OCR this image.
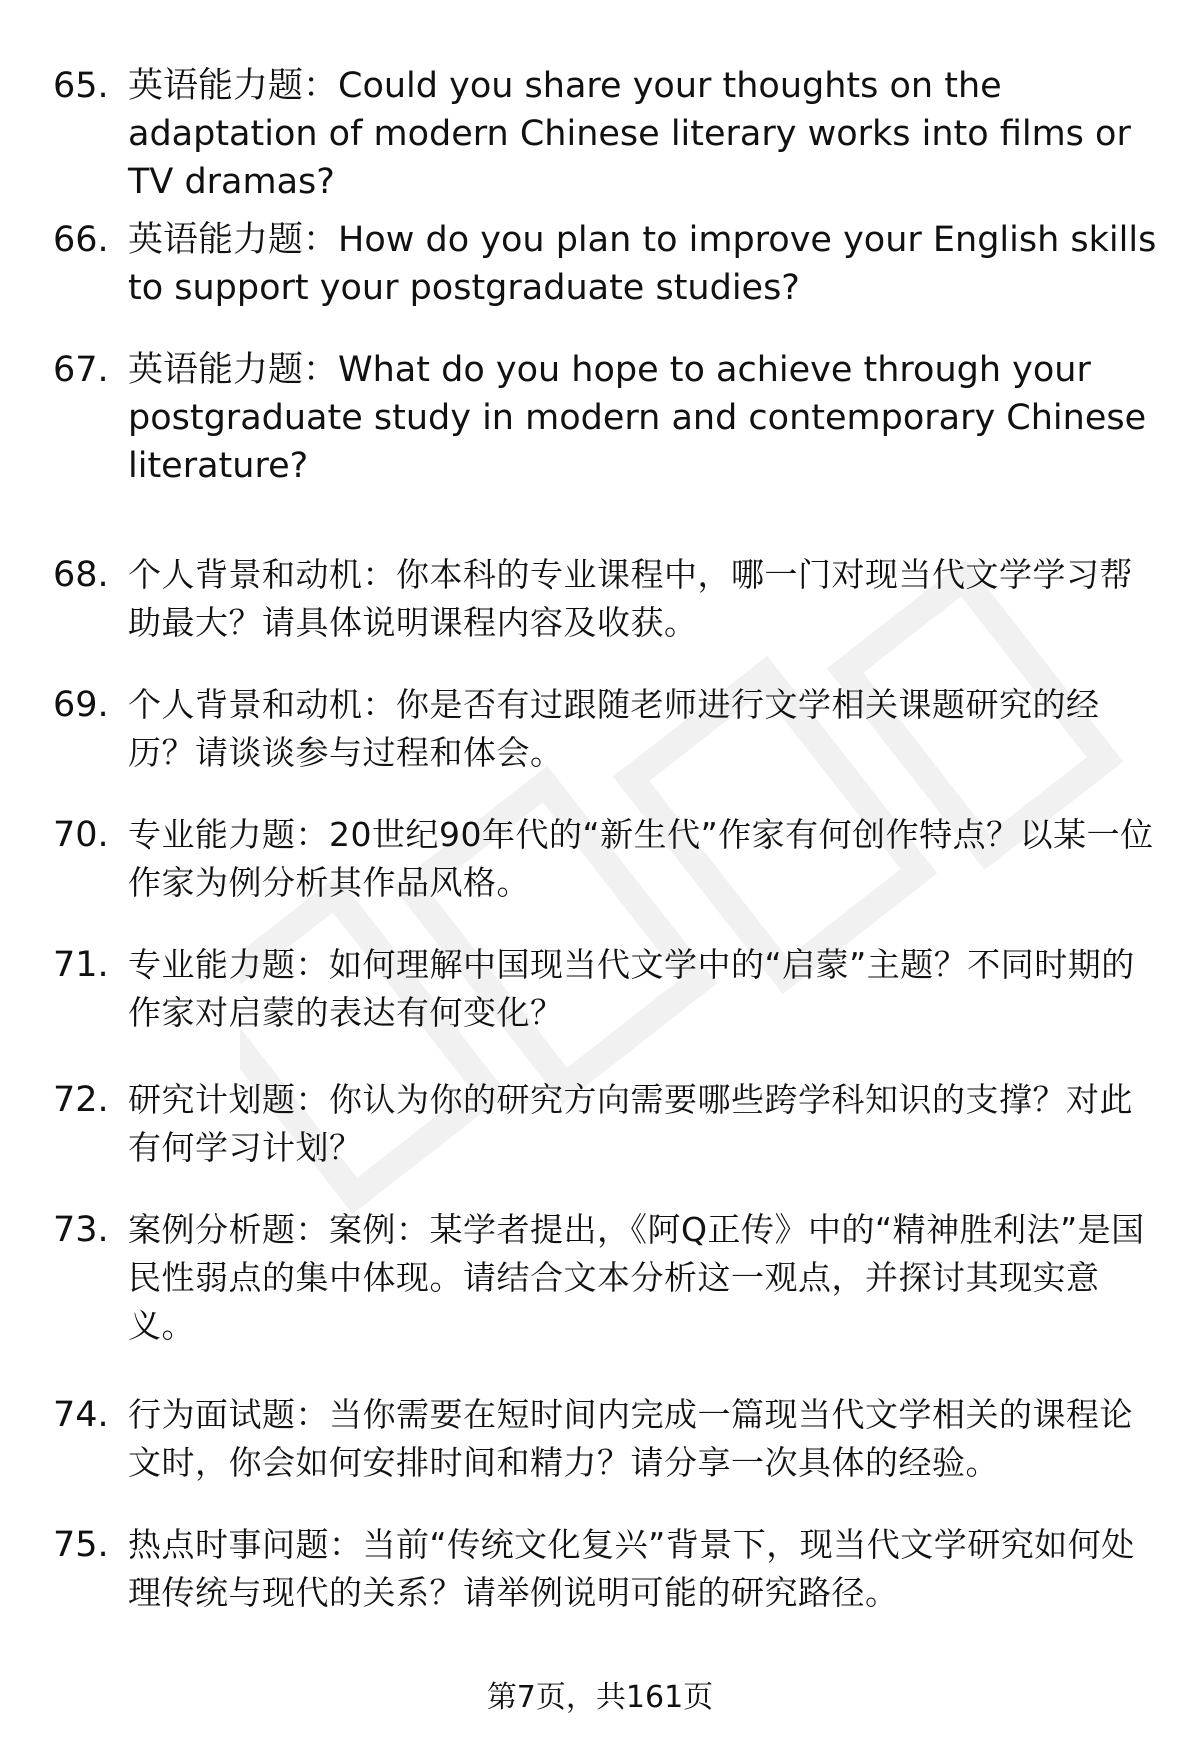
65. 英语能力题：Could you share your thoughts on the adaptation of modern Chinese literary works into films or TV dramas?

66. 英语能力题：How do you plan to improve your English skills to support your postgraduate studies?

67. 英语能力题：What do you hope to achieve through your postgraduate study in modern and contemporary Chinese literature?

68. 个人背景和动机：你本科的专业课程中，哪一门对现当代文学学习帮助最大？请具体说明课程内容及收获。

69. 个人背景和动机：你是否有过跟随老师进行文学相关课题研究的经历？请谈谈参与过程和体会。

70. 专业能力题：20世纪90年代的“新生代”作家有何创作特点？以某一位作家为例分析其作品风格。

71. 专业能力题：如何理解中国现当代文学中的“启蒙”主题？不同时期的作家对启蒙的表达有何变化？

72. 研究计划题：你认为你的研究方向需要哪些跨学科知识的支撑？对此有何学习计划？

73. 案例分析题：案例：某学者提出，《阿Q正传》中的“精神胜利法”是国民性弱点的集中体现。请结合文本分析这一观点，并探讨其现实意义。

74. 行为面试题：当你需要在短时间内完成一篇现当代文学相关的课程论文时，你会如何安排时间和精力？请分享一次具体的经验。

75. 热点时事问题：当前“传统文化复兴”背景下，现当代文学研究如何处理传统与现代的关系？请举例说明可能的研究路径。

第7页，共161页
